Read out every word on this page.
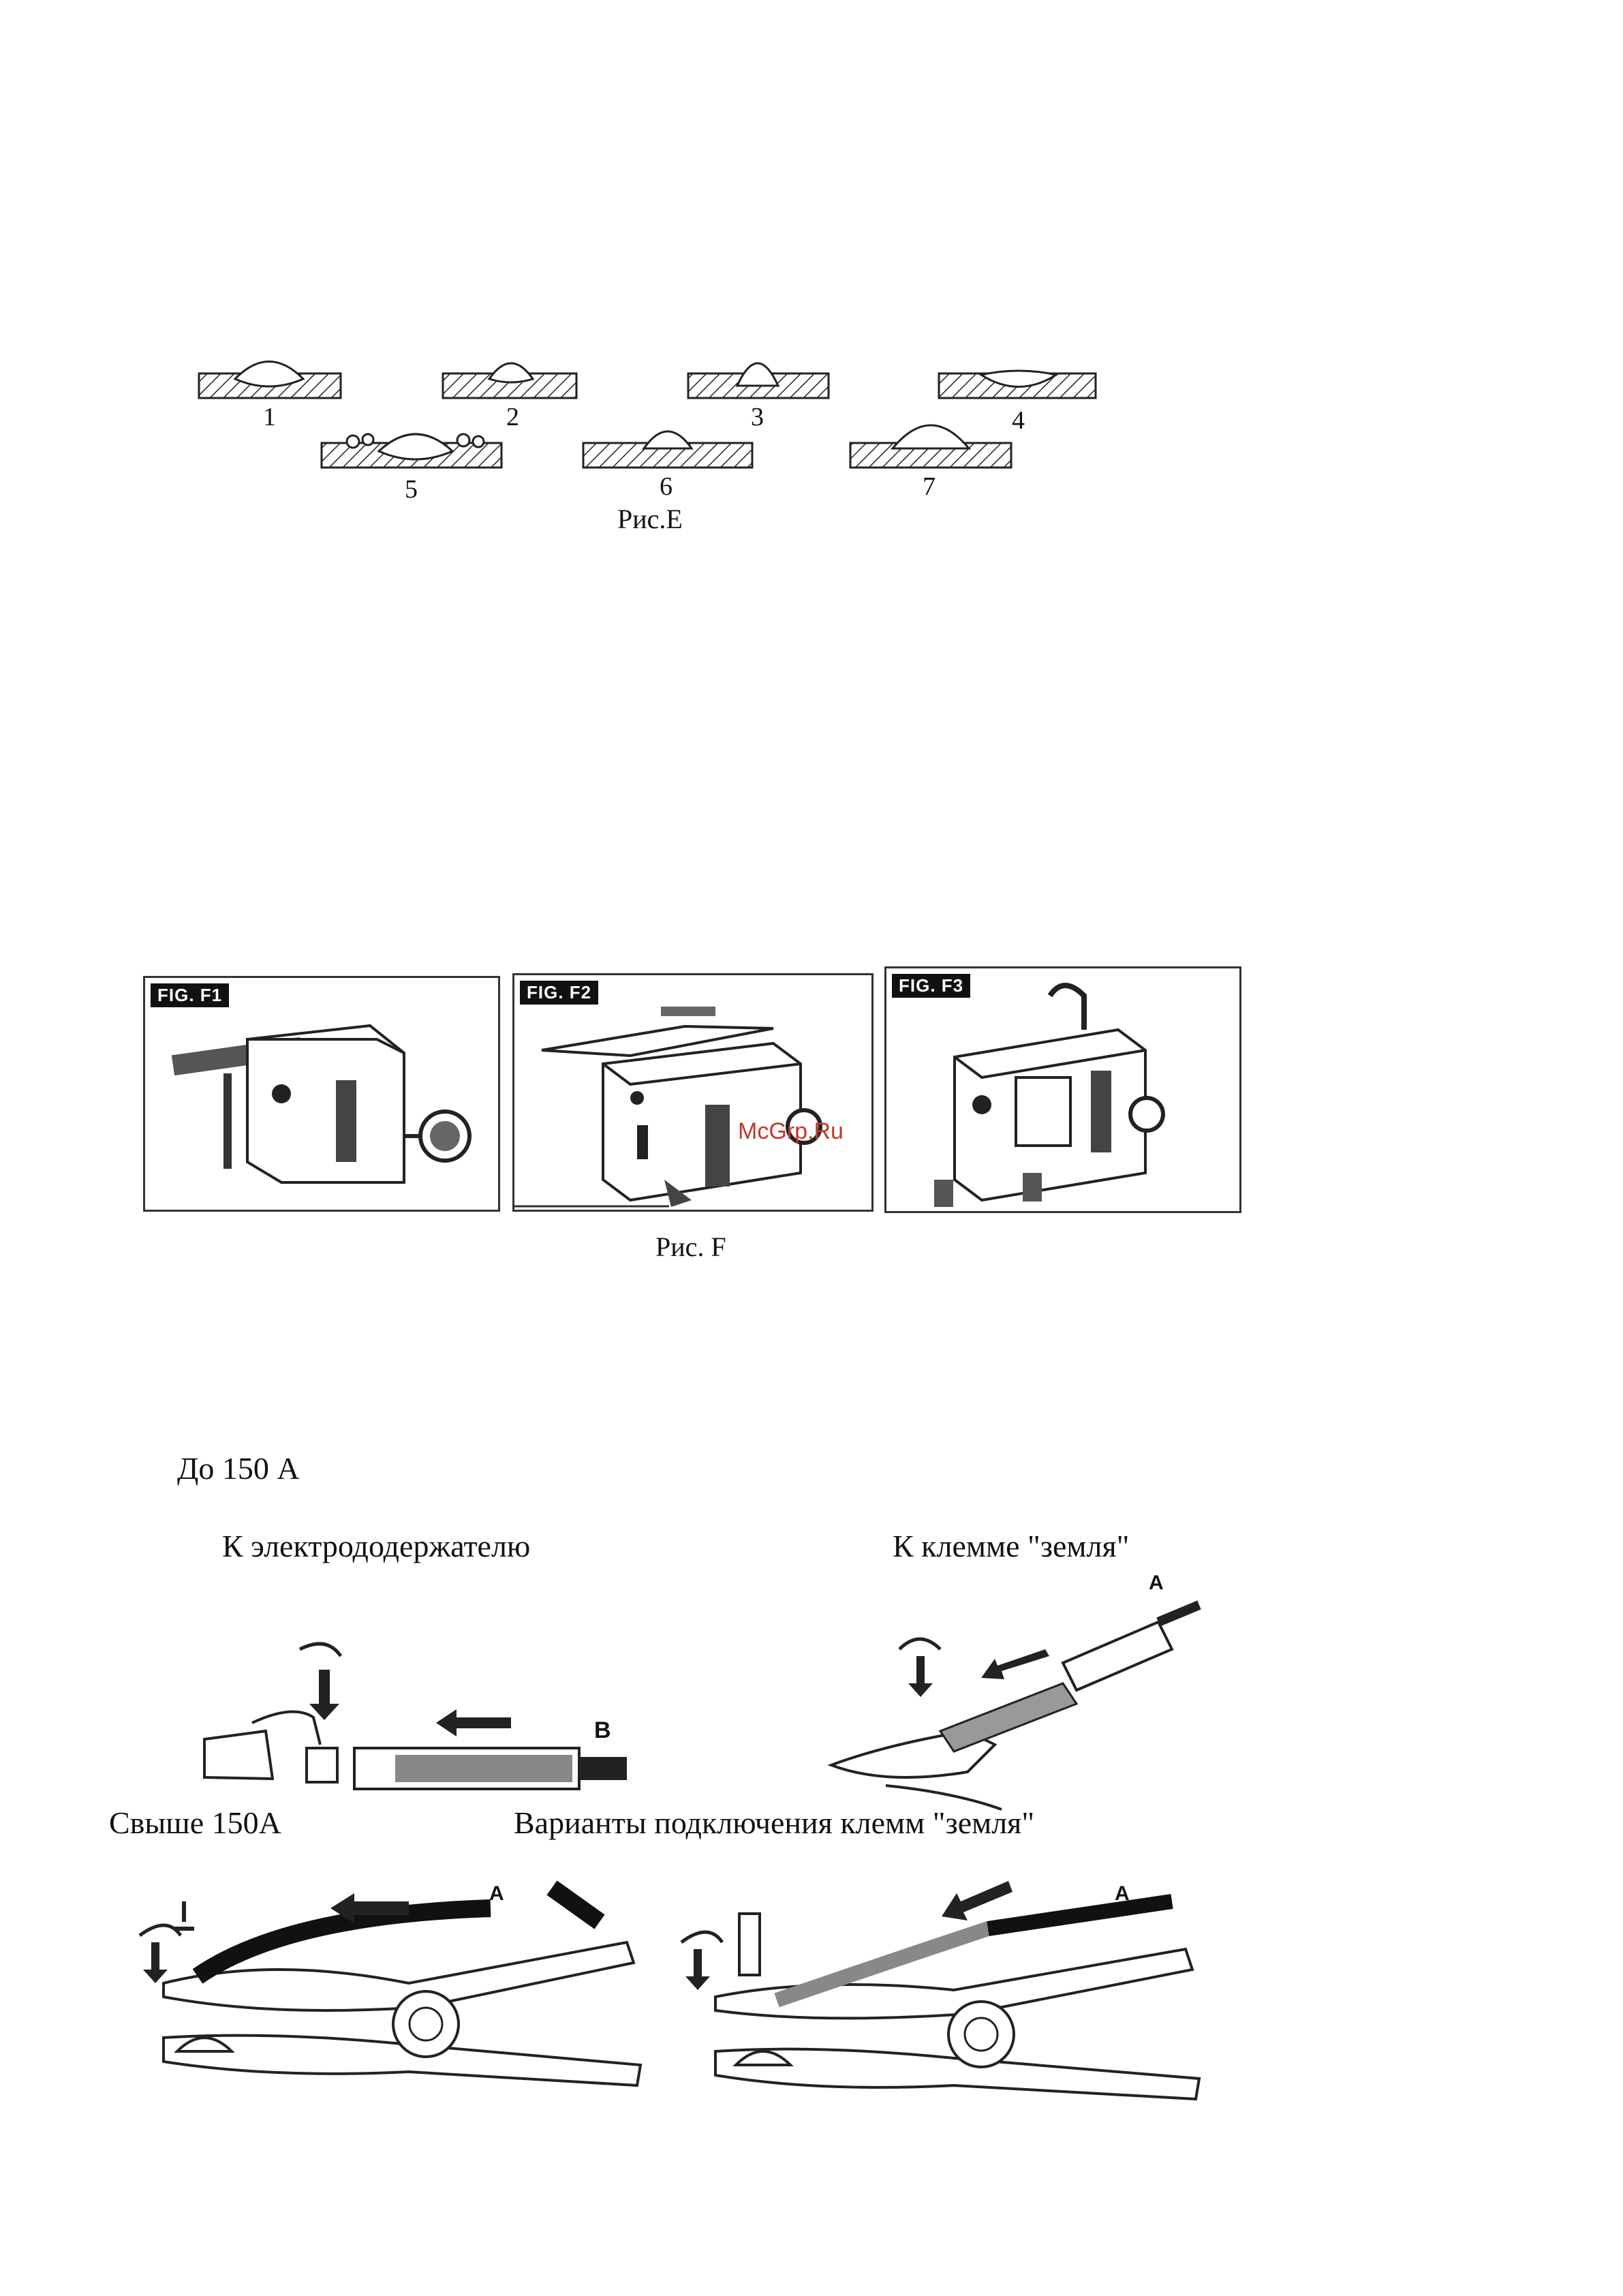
1	2	3	4
5	6	7
Рис.Е
FIG. F1	FIG. F2
McGrp.Ru
FIG. F3
Рис. F
До 150 А
К электрододержателю	К клемме "земля"
B
A
Свыше 150А	Варианты подключения клемм "земля"
A	A
